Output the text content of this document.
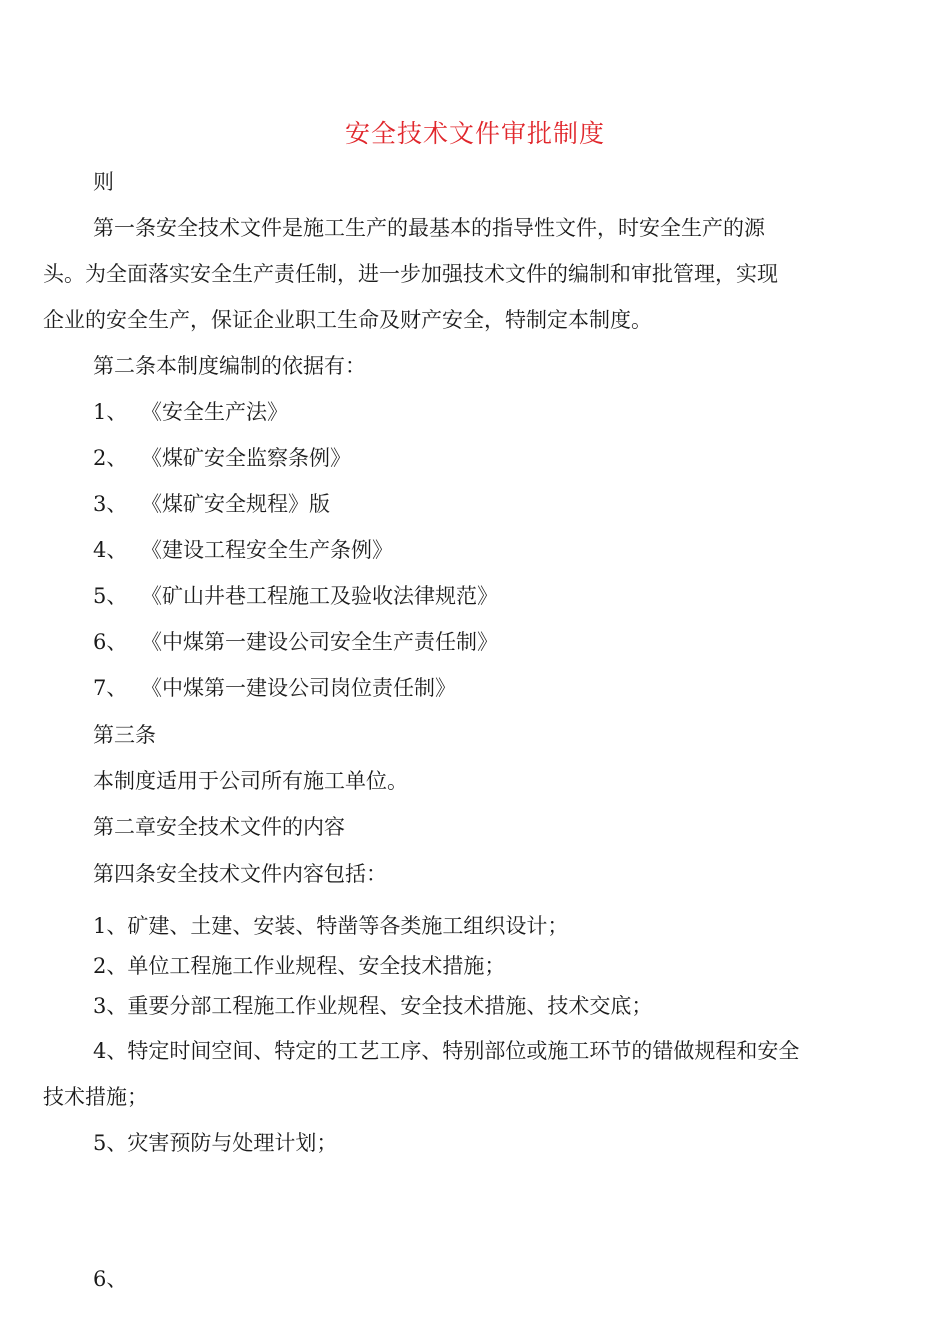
安全技术文件审批制度
则
第一条安全技术文件是施工生产的最基本的指导性文件，时安全生产的源
头。为全面落实安全生产责任制，进一步加强技术文件的编制和审批管理，实现
企业的安全生产，保证企业职工生命及财产安全，特制定本制度。
第二条本制度编制的依据有：
1、 《安全生产法》
2、 《煤矿安全监察条例》
3、 《煤矿安全规程》版
4、 《建设工程安全生产条例》
5、 《矿山井巷工程施工及验收法律规范》
6、 《中煤第一建设公司安全生产责任制》
7、 《中煤第一建设公司岗位责任制》
第三条
本制度适用于公司所有施工单位。
第二章安全技术文件的内容
第四条安全技术文件内容包括：
1、矿建、土建、安装、特凿等各类施工组织设计；
2、单位工程施工作业规程、安全技术措施；
3、重要分部工程施工作业规程、安全技术措施、技术交底；
4、特定时间空间、特定的工艺工序、特别部位或施工环节的错做规程和安全
技术措施；
5、灾害预防与处理计划；
6、
